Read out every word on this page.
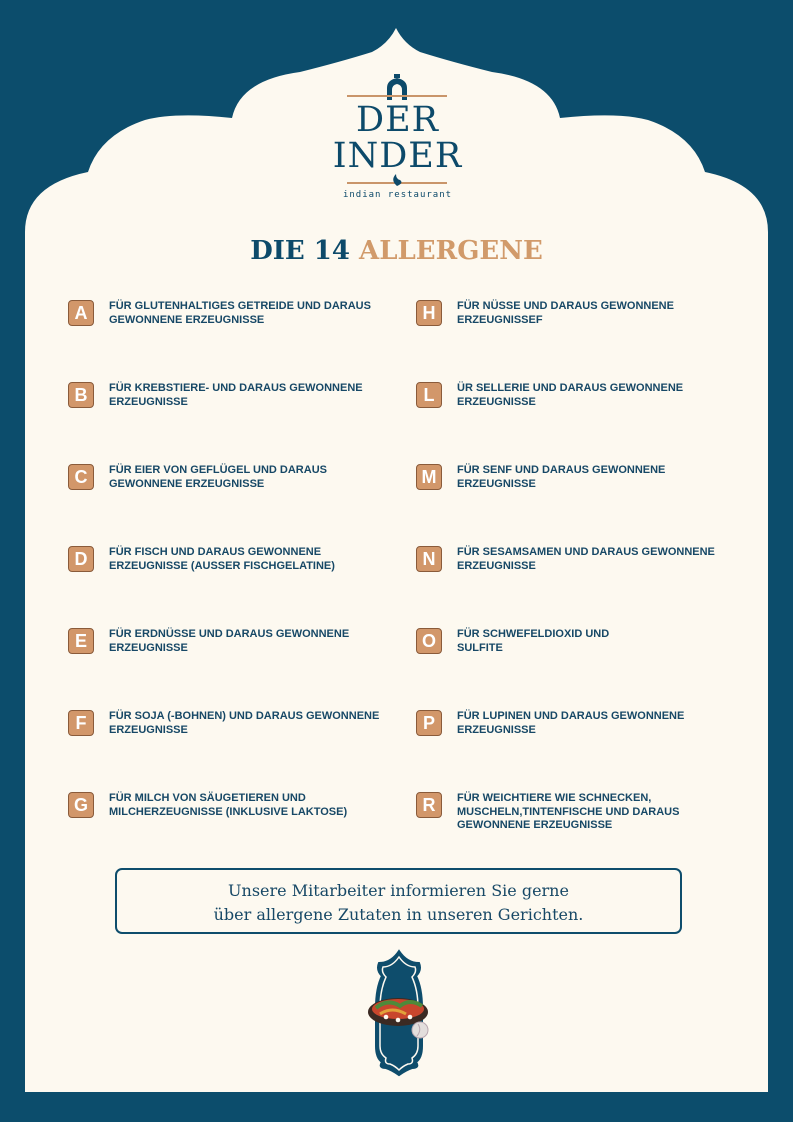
DER
INDER
indian restaurant
DIE 14 ALLERGENE
A	FÜR GLUTENHALTIGES GETREIDE UND DARAUS GEWONNENE ERZEUGNISSE
B	FÜR KREBSTIERE- UND DARAUS GEWONNENE ERZEUGNISSE
C	FÜR EIER VON GEFLÜGEL UND DARAUS GEWONNENE ERZEUGNISSE
D	FÜR FISCH UND DARAUS GEWONNENE ERZEUGNISSE (AUSSER FISCHGELATINE)
E	FÜR ERDNÜSSE UND DARAUS GEWONNENE ERZEUGNISSE
F	FÜR SOJA (-BOHNEN) UND DARAUS GEWONNENE ERZEUGNISSE
G	FÜR MILCH VON SÄUGETIEREN UND MILCHERZEUGNISSE (INKLUSIVE LAKTOSE)
H	FÜR NÜSSE UND DARAUS GEWONNENE ERZEUGNISSEF
L	ÜR SELLERIE UND DARAUS GEWONNENE ERZEUGNISSE
M	FÜR SENF UND DARAUS GEWONNENE ERZEUGNISSE
N	FÜR SESAMSAMEN UND DARAUS GEWONNENE ERZEUGNISSE
O	FÜR SCHWEFELDIOXID UND SULFITE
P	FÜR LUPINEN UND DARAUS GEWONNENE ERZEUGNISSE
R	FÜR WEICHTIERE WIE SCHNECKEN, MUSCHELN,TINTENFISCHE UND DARAUS GEWONNENE ERZEUGNISSE
Unsere Mitarbeiter informieren Sie gerne
über allergene Zutaten in unseren Gerichten.
